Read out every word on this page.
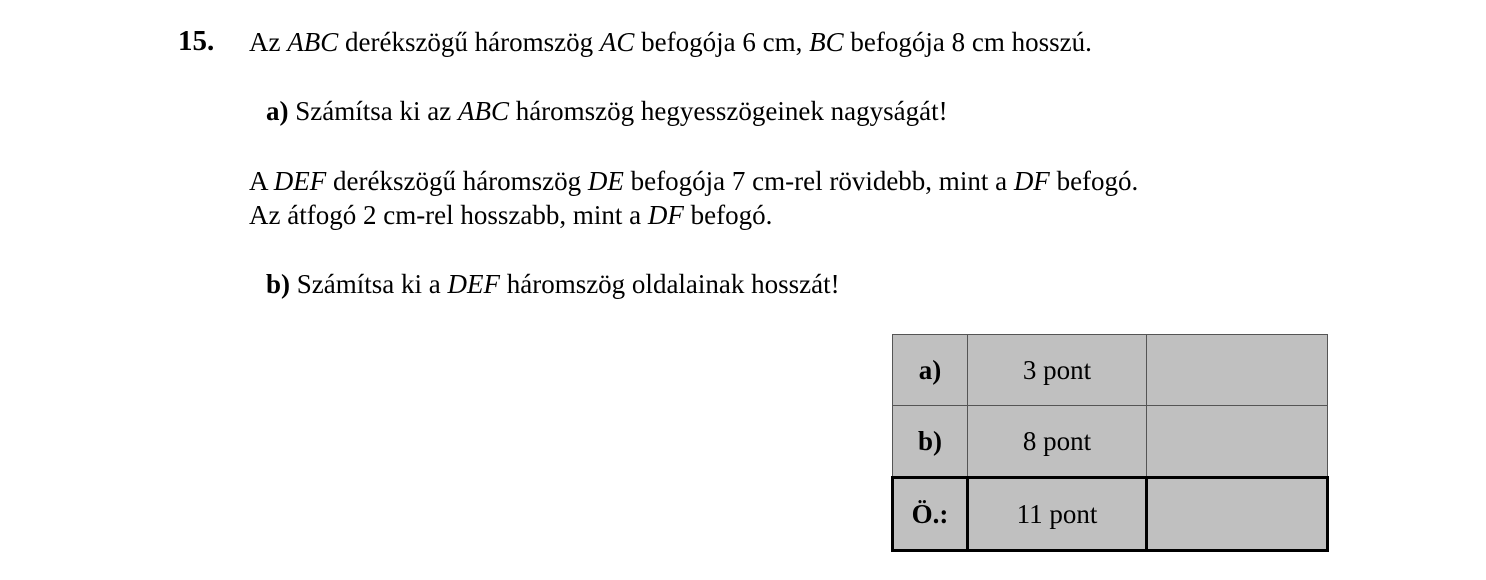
15. Az ABC derékszögű háromszög AC befogója 6 cm, BC befogója 8 cm hosszú.
a) Számítsa ki az ABC háromszög hegyesszögeinek nagyságát!
A DEF derékszögű háromszög DE befogója 7 cm-rel rövidebb, mint a DF befogó.
Az átfogó 2 cm-rel hosszabb, mint a DF befogó.
b) Számítsa ki a DEF háromszög oldalainak hosszát!
a)	3 pont	
b)	8 pont	
Ö.:	11 pont	
